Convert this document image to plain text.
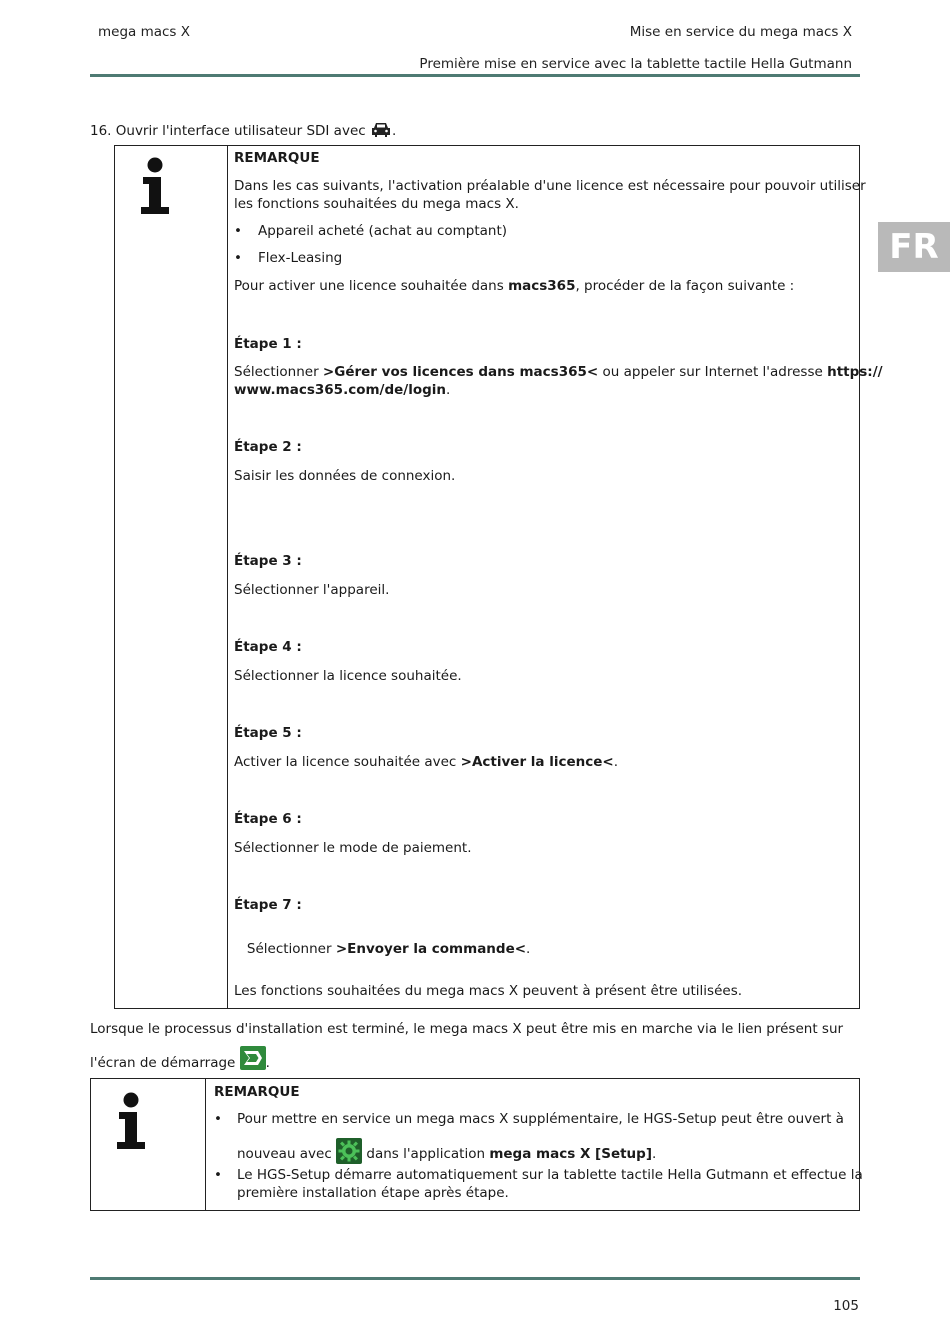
mega macs X	Mise en service du mega macs X
Première mise en service avec la tablette tactile Hella Gutmann
FR
16. Ouvrir l'interface utilisateur SDI avec .
REMARQUE
Dans les cas suivants, l'activation préalable d'une licence est nécessaire pour pouvoir utiliser
les fonctions souhaitées du mega macs X.
• Appareil acheté (achat au comptant)
• Flex-Leasing
Pour activer une licence souhaitée dans macs365, procéder de la façon suivante :
Étape 1 :
Sélectionner >Gérer vos licences dans macs365< ou appeler sur Internet l'adresse https://
www.macs365.com/de/login.
Étape 2 :
Saisir les données de connexion.
Étape 3 :
Sélectionner l'appareil.
Étape 4 :
Sélectionner la licence souhaitée.
Étape 5 :
Activer la licence souhaitée avec >Activer la licence<.
Étape 6 :
Sélectionner le mode de paiement.
Étape 7 :

Sélectionner >Envoyer la commande<.

Les fonctions souhaitées du mega macs X peuvent à présent être utilisées.
Lorsque le processus d'installation est terminé, le mega macs X peut être mis en marche via le lien présent sur
l'écran de démarrage .
REMARQUE
• Pour mettre en service un mega macs X supplémentaire, le HGS-Setup peut être ouvert à
nouveau avec	dans l'application mega macs X [Setup].
• Le HGS-Setup démarre automatiquement sur la tablette tactile Hella Gutmann et effectue la
première installation étape après étape.
105
